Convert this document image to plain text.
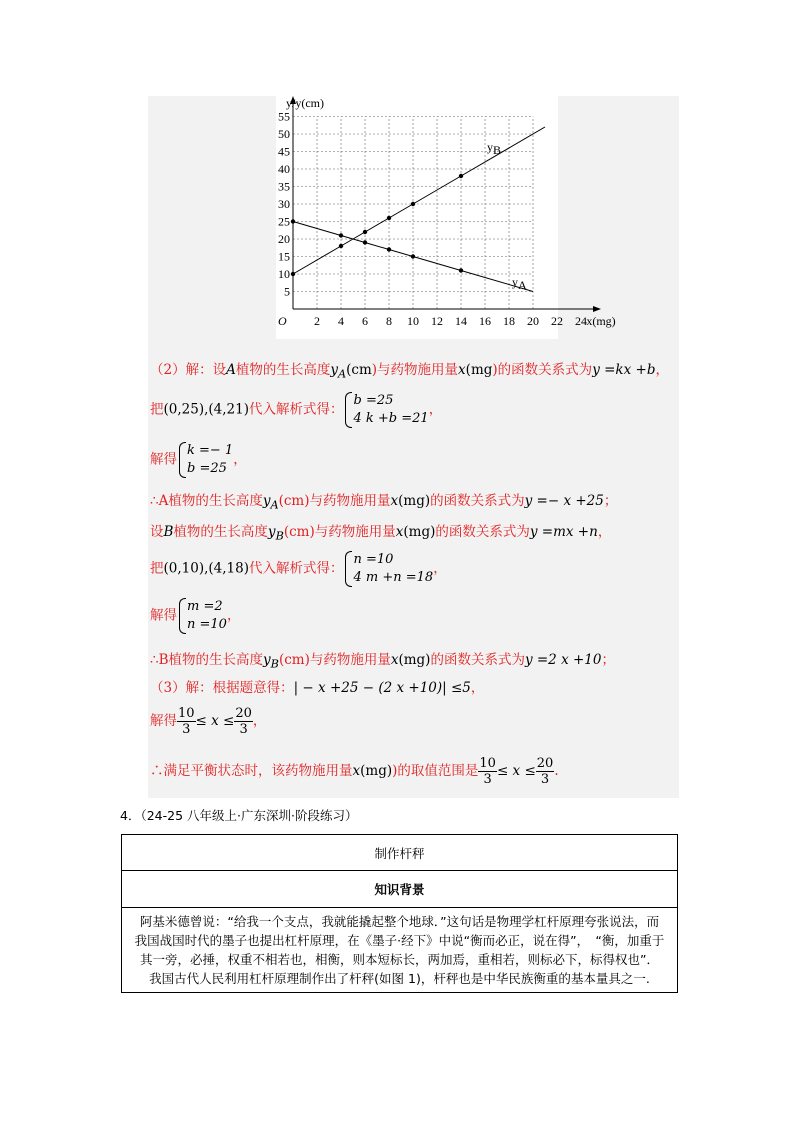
2 4 6 8 10 12 14 16 18 20 22 24
5
10
15
20
25
30
35
40
45
50
55
O	x(mg)
y/y(cm)
y A
y B
（2）解：设A植物的生长高度$y_A(cm)$与药物施用量x(mg)的函数关系式为y =kx +b，
把(0,25),(4,21)代入解析式得：
b =25
4 k +b =21
，
解得
k =− 1
b =25
，
∴A植物的生长高度$y_A(cm)$与药物施用量x(mg)的函数关系式为y =− x +25；
设B植物的生长高度$y_B(cm)$与药物施用量x(mg)的函数关系式为y =mx +n，
把(0,10),(4,18)代入解析式得：
n =10
4 m +n =18
，
解得
m =2
n =10
，
∴B植物的生长高度$y_B(cm)$与药物施用量x(mg)的函数关系式为y =2 x +10；
（3）解：根据题意得：| − x +25 − (2 x +10)| ≤5，
解得 $\frac{10}{3} \le x \le \frac{20}{3}$ ，
∴满足平衡状态时，该药物施用量x(mg))的取值范围是 $\frac{10}{3} \le x \le \frac{20}{3}$ .
4．（24-25 八年级上·广东深圳·阶段练习）
制作杆秤
知识背景
阿基米德曾说：“给我一个支点，我就能撬起整个地球．”这句话是物理学杠杆原理夸张说法，而我国战国时代的墨子也提出杠杆原理，在《墨子·经下》中说“衡而必正，说在得”，　“衡，加重于其一旁，必捶，权重不相若也，相衡，则本短标长，两加焉，重相若，则标必下，标得权也”．我国古代人民利用杠杆原理制作出了杆秤(如图 1)，杆秤也是中华民族衡重的基本量具之一.
